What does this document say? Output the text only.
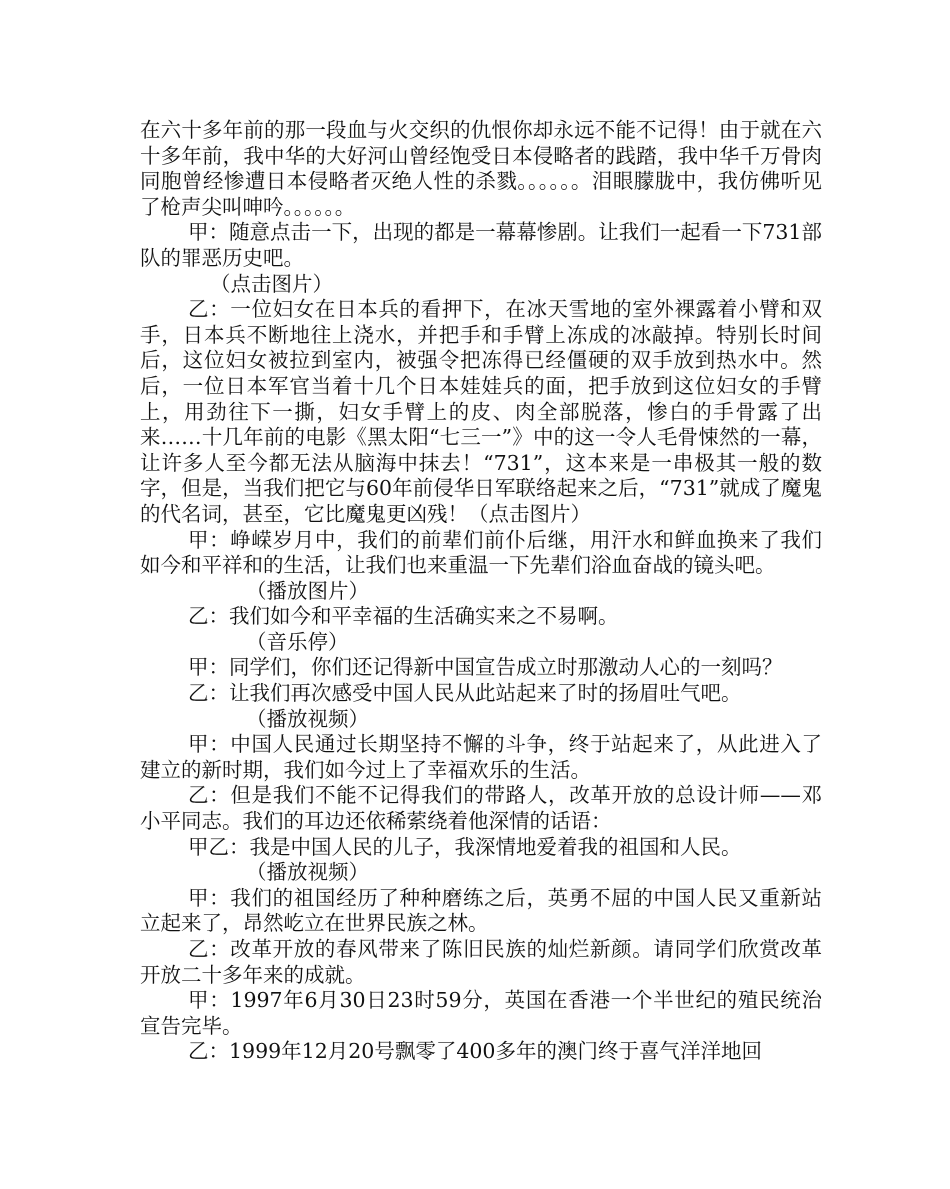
在六十多年前的那一段血与火交织的仇恨你却永远不能不记得！由于就在六十多年前，我中华的大好河山曾经饱受日本侵略者的践踏，我中华千万骨肉同胞曾经惨遭日本侵略者灭绝人性的杀戮。。。。。。泪眼朦胧中，我仿佛听见了枪声尖叫呻吟。。。。。。

甲：随意点击一下，出现的都是一幕幕惨剧。让我们一起看一下731部队的罪恶历史吧。

（点击图片）

乙：一位妇女在日本兵的看押下，在冰天雪地的室外裸露着小臂和双手，日本兵不断地往上浇水，并把手和手臂上冻成的冰敲掉。特别长时间后，这位妇女被拉到室内，被强令把冻得已经僵硬的双手放到热水中。然后，一位日本军官当着十几个日本娃娃兵的面，把手放到这位妇女的手臂上，用劲往下一撕，妇女手臂上的皮、肉全部脱落，惨白的手骨露了出来……十几年前的电影《黑太阳“七三一”》中的这一令人毛骨悚然的一幕，让许多人至今都无法从脑海中抹去！“731”，这本来是一串极其一般的数字，但是，当我们把它与60年前侵华日军联络起来之后，“731”就成了魔鬼的代名词，甚至，它比魔鬼更凶残！（点击图片）

甲：峥嵘岁月中，我们的前辈们前仆后继，用汗水和鲜血换来了我们如今和平祥和的生活，让我们也来重温一下先辈们浴血奋战的镜头吧。

（播放图片）

乙：我们如今和平幸福的生活确实来之不易啊。

（音乐停）

甲：同学们，你们还记得新中国宣告成立时那激动人心的一刻吗？

乙：让我们再次感受中国人民从此站起来了时的扬眉吐气吧。

（播放视频）

甲：中国人民通过长期坚持不懈的斗争，终于站起来了，从此进入了建立的新时期，我们如今过上了幸福欢乐的生活。

乙：但是我们不能不记得我们的带路人，改革开放的总设计师——邓小平同志。我们的耳边还依稀萦绕着他深情的话语：

甲乙：我是中国人民的儿子，我深情地爱着我的祖国和人民。

（播放视频）

甲：我们的祖国经历了种种磨练之后，英勇不屈的中国人民又重新站立起来了，昂然屹立在世界民族之林。

乙：改革开放的春风带来了陈旧民族的灿烂新颜。请同学们欣赏改革开放二十多年来的成就。

甲：1997年6月30日23时59分，英国在香港一个半世纪的殖民统治宣告完毕。

乙：1999年12月20号飘零了400多年的澳门终于喜气洋洋地回
